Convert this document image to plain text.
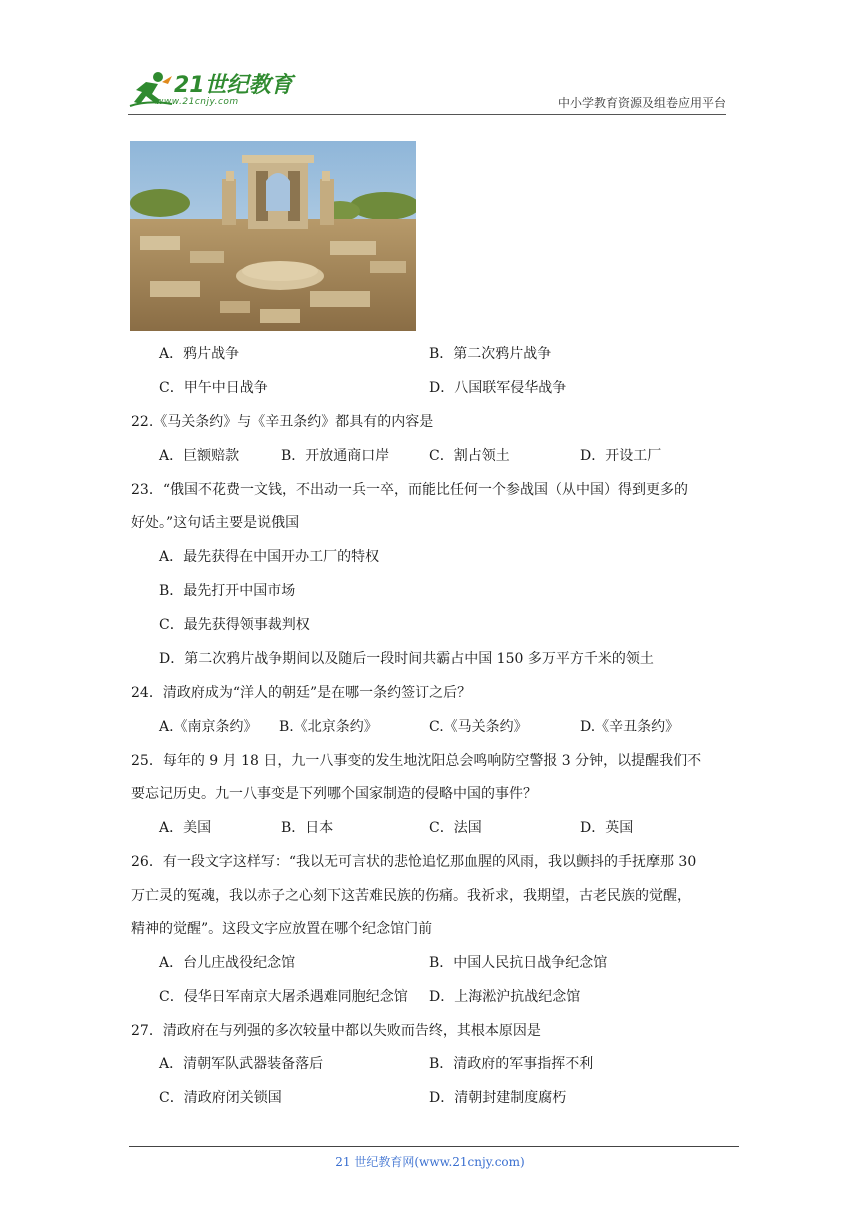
21世纪教育
www.21cnjy.com	中小学教育资源及组卷应用平台
A．鸦片战争	B．第二次鸦片战争
C．甲午中日战争	D．八国联军侵华战争
22.《马关条约》与《辛丑条约》都具有的内容是
A．巨额赔款	B．开放通商口岸	C．割占领土	D．开设工厂
23．“俄国不花费一文钱，不出动一兵一卒，而能比任何一个参战国（从中国）得到更多的
好处。”这句话主要是说俄国
A．最先获得在中国开办工厂的特权
B．最先打开中国市场
C．最先获得领事裁判权
D．第二次鸦片战争期间以及随后一段时间共霸占中国 150 多万平方千米的领土
24．清政府成为“洋人的朝廷”是在哪一条约签订之后？
A.《南京条约》 B.《北京条约》	C.《马关条约》	D.《辛丑条约》
25．每年的 9 月 18 日，九一八事变的发生地沈阳总会鸣响防空警报 3 分钟，以提醒我们不
要忘记历史。九一八事变是下列哪个国家制造的侵略中国的事件？
A．美国	B．日本	C．法国	D．英国
26．有一段文字这样写：“我以无可言状的悲怆追忆那血腥的风雨，我以颤抖的手抚摩那 30
万亡灵的冤魂，我以赤子之心刻下这苦难民族的伤痛。我祈求，我期望，古老民族的觉醒，
精神的觉醒”。这段文字应放置在哪个纪念馆门前
A．台儿庄战役纪念馆	B．中国人民抗日战争纪念馆
C．侵华日军南京大屠杀遇难同胞纪念馆 D．上海淞沪抗战纪念馆
27．清政府在与列强的多次较量中都以失败而告终，其根本原因是
A．清朝军队武器装备落后	B．清政府的军事指挥不利
C．清政府闭关锁国	D．清朝封建制度腐朽
21 世纪教育网(www.21cnjy.com)
